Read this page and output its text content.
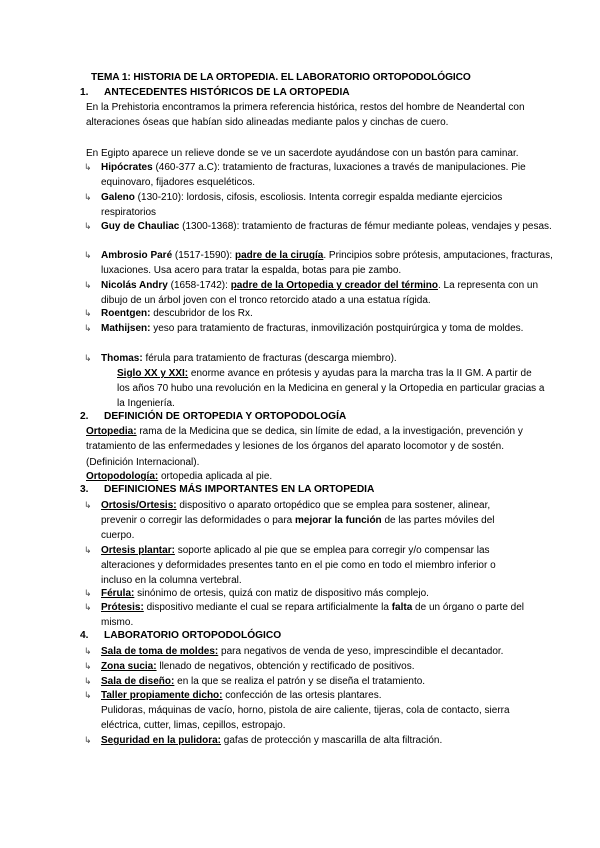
TEMA 1: HISTORIA DE LA ORTOPEDIA. EL LABORATORIO ORTOPODOLÓGICO
1. ANTECEDENTES HISTÓRICOS DE LA ORTOPEDIA
En la Prehistoria encontramos la primera referencia histórica, restos del hombre de Neandertal con alteraciones óseas que habían sido alineadas mediante palos y cinchas de cuero.
En Egipto aparece un relieve donde se ve un sacerdote ayudándose con un bastón para caminar.
↳ Hipócrates (460-377 a.C): tratamiento de fracturas, luxaciones a través de manipulaciones. Pie equinovaro, fijadores esqueléticos.
↳ Galeno (130-210): lordosis, cifosis, escoliosis. Intenta corregir espalda mediante ejercicios respiratorios
↳ Guy de Chauliac (1300-1368): tratamiento de fracturas de fémur mediante poleas, vendajes y pesas.
↳ Ambrosio Paré (1517-1590): padre de la cirugía. Principios sobre prótesis, amputaciones, fracturas, luxaciones. Usa acero para tratar la espalda, botas para pie zambo.
↳ Nicolás Andry (1658-1742): padre de la Ortopedia y creador del término. La representa con un dibujo de un árbol joven con el tronco retorcido atado a una estatua rígida.
↳ Roentgen: descubridor de los Rx.
↳ Mathijsen: yeso para tratamiento de fracturas, inmovilización postquirúrgica y toma de moldes.
↳ Thomas: férula para tratamiento de fracturas (descarga miembro).
Siglo XX y XXI: enorme avance en prótesis y ayudas para la marcha tras la II GM. A partir de los años 70 hubo una revolución en la Medicina en general y la Ortopedia en particular gracias a la Ingeniería.
2. DEFINICIÓN DE ORTOPEDIA Y ORTOPODOLOGÍA
Ortopedia: rama de la Medicina que se dedica, sin límite de edad, a la investigación, prevención y tratamiento de las enfermedades y lesiones de los órganos del aparato locomotor y de sostén. (Definición Internacional).
Ortopodología: ortopedia aplicada al pie.
3. DEFINICIONES MÁS IMPORTANTES EN LA ORTOPEDIA
↳ Ortosis/Ortesis: dispositivo o aparato ortopédico que se emplea para sostener, alinear, prevenir o corregir las deformidades o para mejorar la función de las partes móviles del cuerpo.
↳ Ortesis plantar: soporte aplicado al pie que se emplea para corregir y/o compensar las alteraciones y deformidades presentes tanto en el pie como en todo el miembro inferior o incluso en la columna vertebral.
↳ Férula: sinónimo de ortesis, quizá con matiz de dispositivo más complejo.
↳ Prótesis: dispositivo mediante el cual se repara artificialmente la falta de un órgano o parte del mismo.
4. LABORATORIO ORTOPODOLÓGICO
↳ Sala de toma de moldes: para negativos de venda de yeso, imprescindible el decantador.
↳ Zona sucia: llenado de negativos, obtención y rectificado de positivos.
↳ Sala de diseño: en la que se realiza el patrón y se diseña el tratamiento.
↳ Taller propiamente dicho: confección de las ortesis plantares.
Pulidoras, máquinas de vacío, horno, pistola de aire caliente, tijeras, cola de contacto, sierra eléctrica, cutter, limas, cepillos, estropajo.
↳ Seguridad en la pulidora: gafas de protección y mascarilla de alta filtración.
